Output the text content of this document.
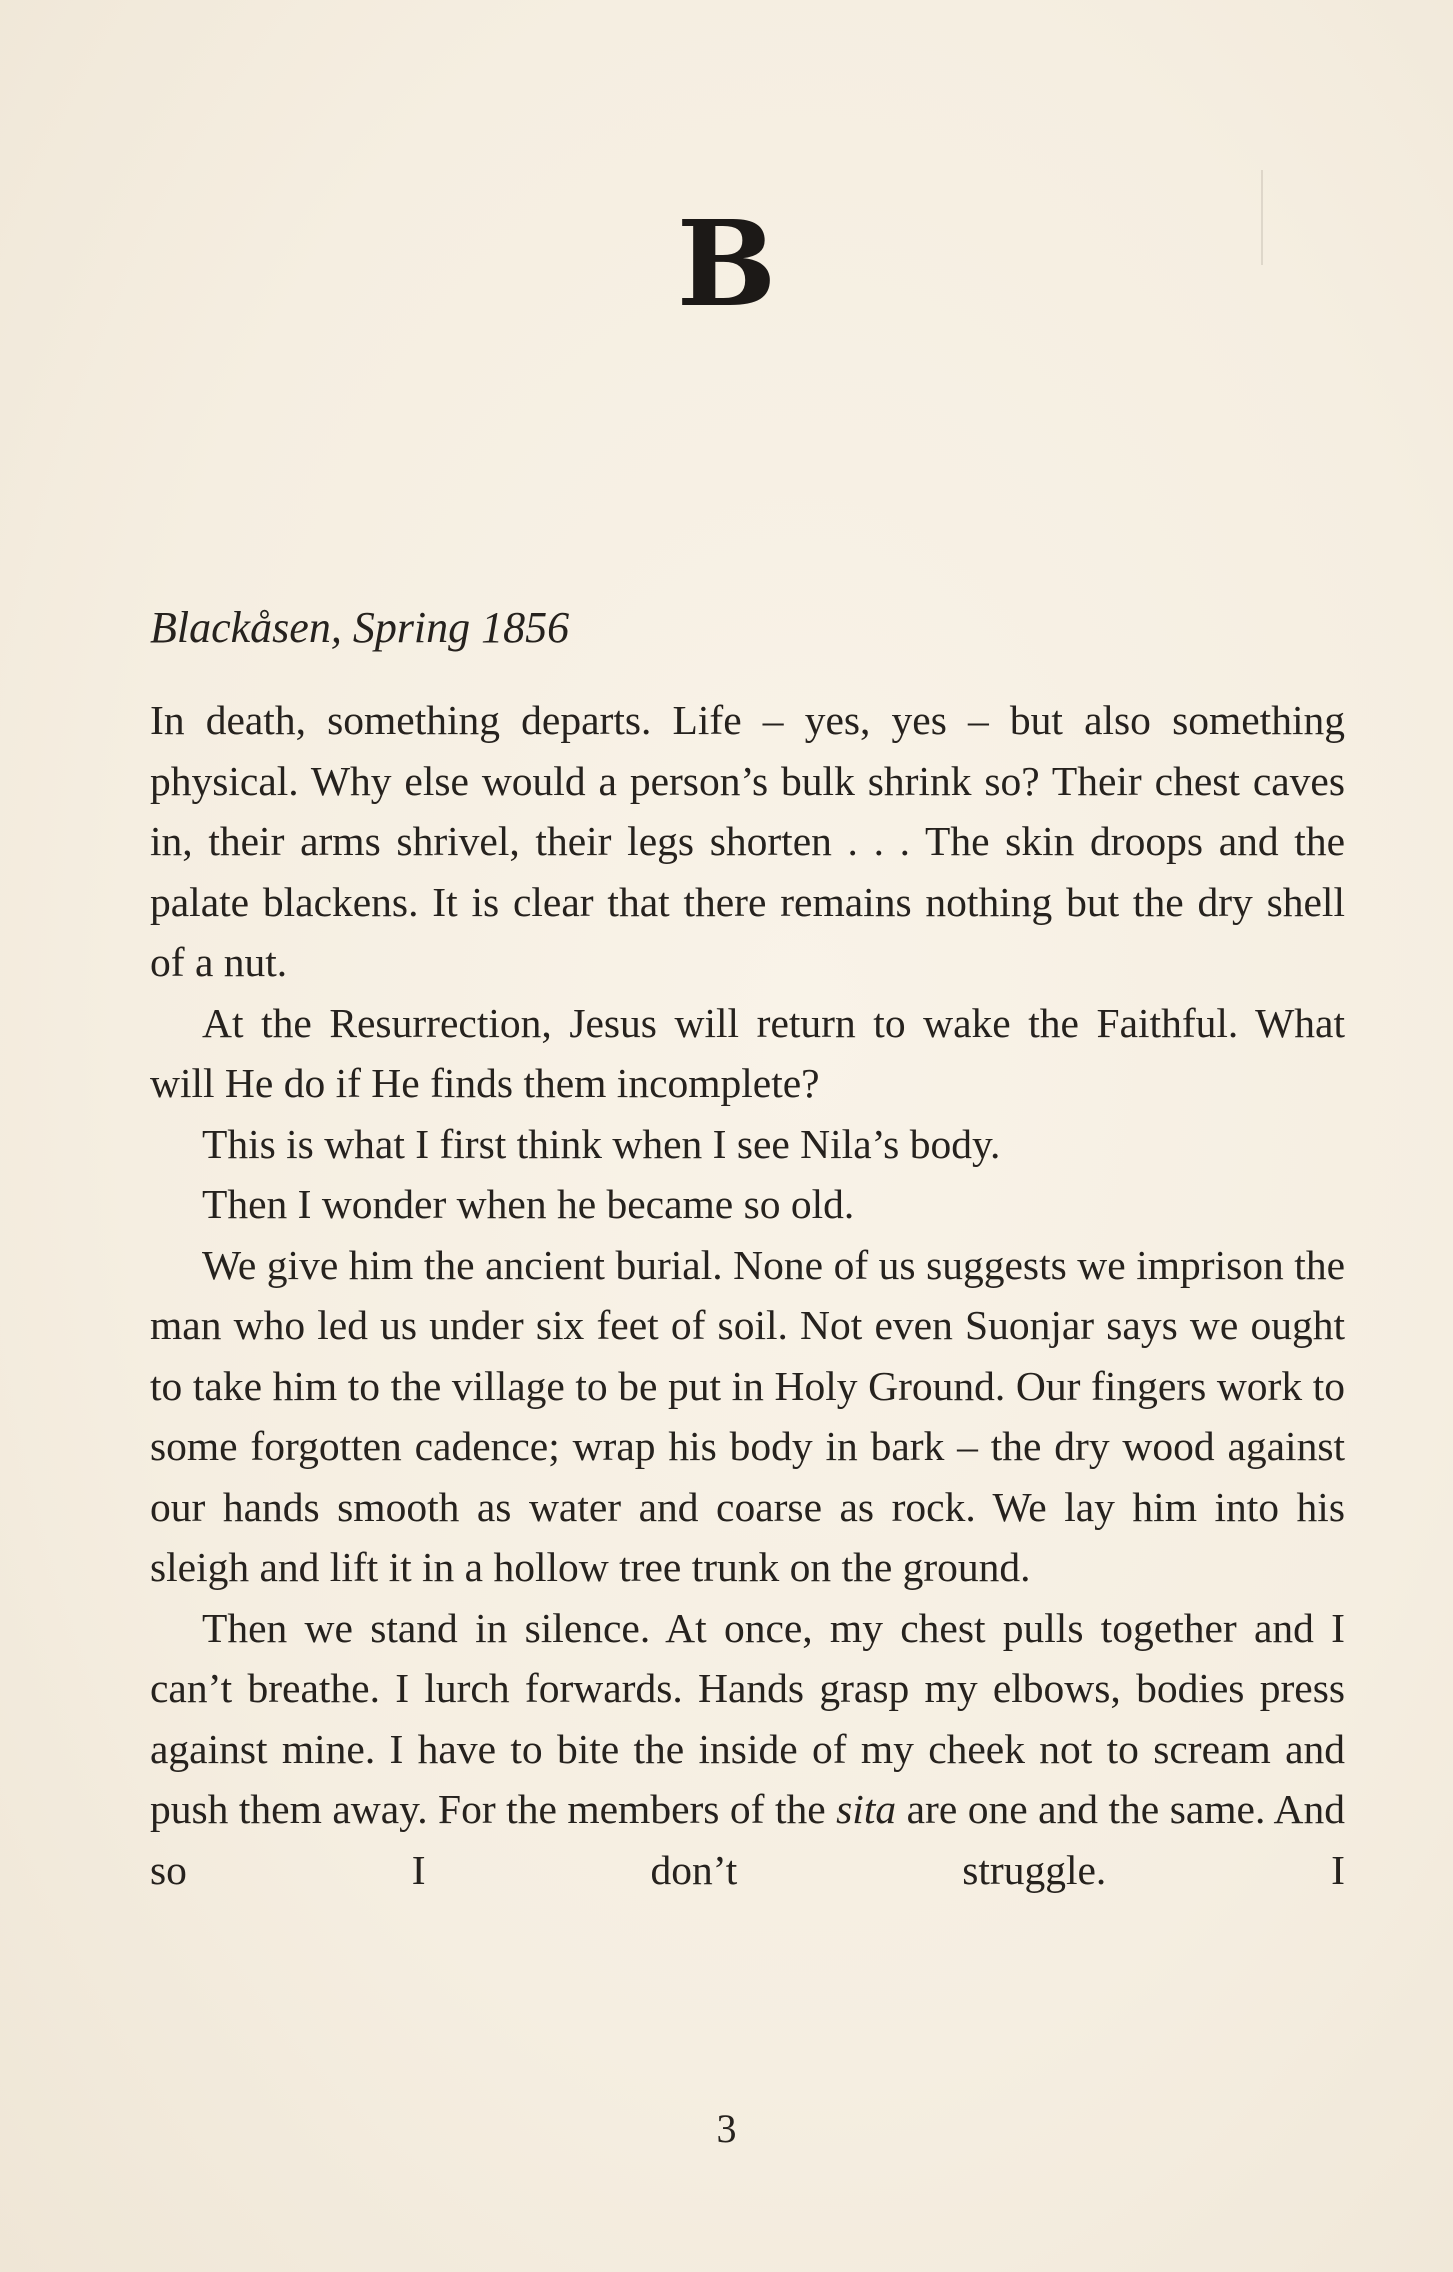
B
Blackåsen, Spring 1856

In death, something departs. Life – yes, yes – but also something physical. Why else would a person’s bulk shrink so? Their chest caves in, their arms shrivel, their legs shorten . . . The skin droops and the palate blackens. It is clear that there remains nothing but the dry shell of a nut.

At the Resurrection, Jesus will return to wake the Faithful. What will He do if He finds them incomplete?

This is what I first think when I see Nila’s body.

Then I wonder when he became so old.

We give him the ancient burial. None of us suggests we imprison the man who led us under six feet of soil. Not even Suonjar says we ought to take him to the village to be put in Holy Ground. Our fingers work to some forgotten cadence; wrap his body in bark – the dry wood against our hands smooth as water and coarse as rock. We lay him into his sleigh and lift it in a hollow tree trunk on the ground.

Then we stand in silence. At once, my chest pulls together and I can’t breathe. I lurch forwards. Hands grasp my elbows, bodies press against mine. I have to bite the inside of my cheek not to scream and push them away. For the members of the sita are one and the same. And so I don’t struggle. I

3
